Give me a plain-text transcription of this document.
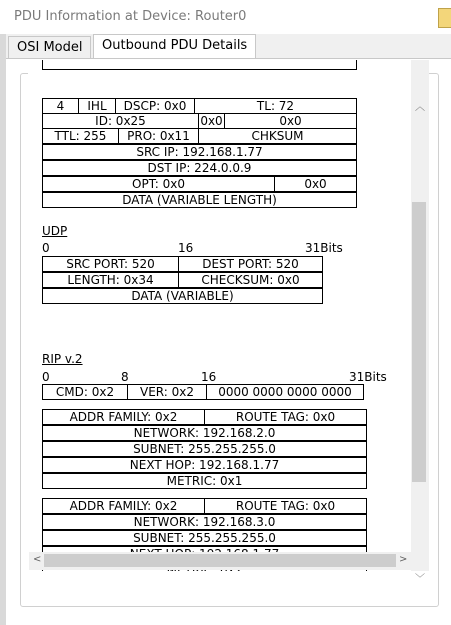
PDU Information at Device: Router0
OSI Model	Outbound PDU Details
4	IHL	DSCP: 0x0	TL: 72
ID: 0x25	0x0	0x0
TTL: 255	PRO: 0x11	CHKSUM
SRC IP: 192.168.1.77
DST IP: 224.0.0.9
OPT: 0x0	0x0
DATA (VARIABLE LENGTH)
UDP
0	16	31Bits
SRC PORT: 520	DEST PORT: 520
LENGTH: 0x34	CHECKSUM: 0x0
DATA (VARIABLE)
RIP v.2
0	8	16	31Bits
CMD: 0x2	VER: 0x2	0000 0000 0000 0000
ADDR FAMILY: 0x2	ROUTE TAG: 0x0
NETWORK: 192.168.2.0
SUBNET: 255.255.255.0
NEXT HOP: 192.168.1.77
METRIC: 0x1
ADDR FAMILY: 0x2	ROUTE TAG: 0x0
NETWORK: 192.168.3.0
SUBNET: 255.255.255.0
︿
﹀
<	>
